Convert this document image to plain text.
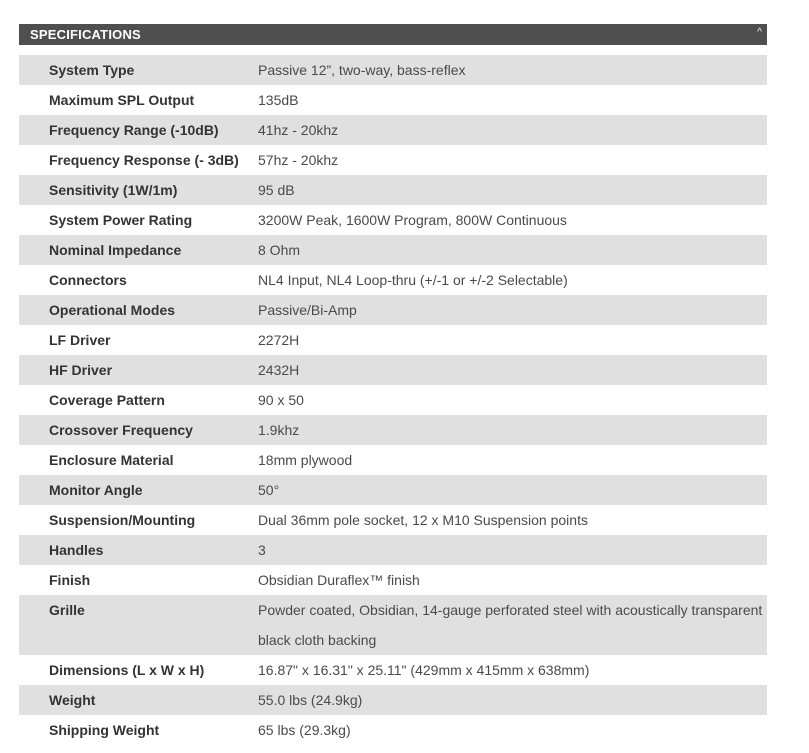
SPECIFICATIONS	^
System Type	Passive 12”, two-way, bass-reflex
Maximum SPL Output	135dB
Frequency Range (-10dB)	41hz - 20khz
Frequency Response (- 3dB)	57hz - 20khz
Sensitivity (1W/1m)	95 dB
System Power Rating	3200W Peak, 1600W Program, 800W Continuous
Nominal Impedance	8 Ohm
Connectors	NL4 Input, NL4 Loop-thru (+/-1 or +/-2 Selectable)
Operational Modes	Passive/Bi-Amp
LF Driver	2272H
HF Driver	2432H
Coverage Pattern	90 x 50
Crossover Frequency	1.9khz
Enclosure Material	18mm plywood
Monitor Angle	50°
Suspension/Mounting	Dual 36mm pole socket, 12 x M10 Suspension points
Handles	3
Finish	Obsidian Duraflex™ finish
Grille	Powder coated, Obsidian, 14-gauge perforated steel with acoustically transparent black cloth backing
Dimensions (L x W x H)	16.87" x 16.31" x 25.11" (429mm x 415mm x 638mm)
Weight	55.0 lbs (24.9kg)
Shipping Weight	65 lbs (29.3kg)
